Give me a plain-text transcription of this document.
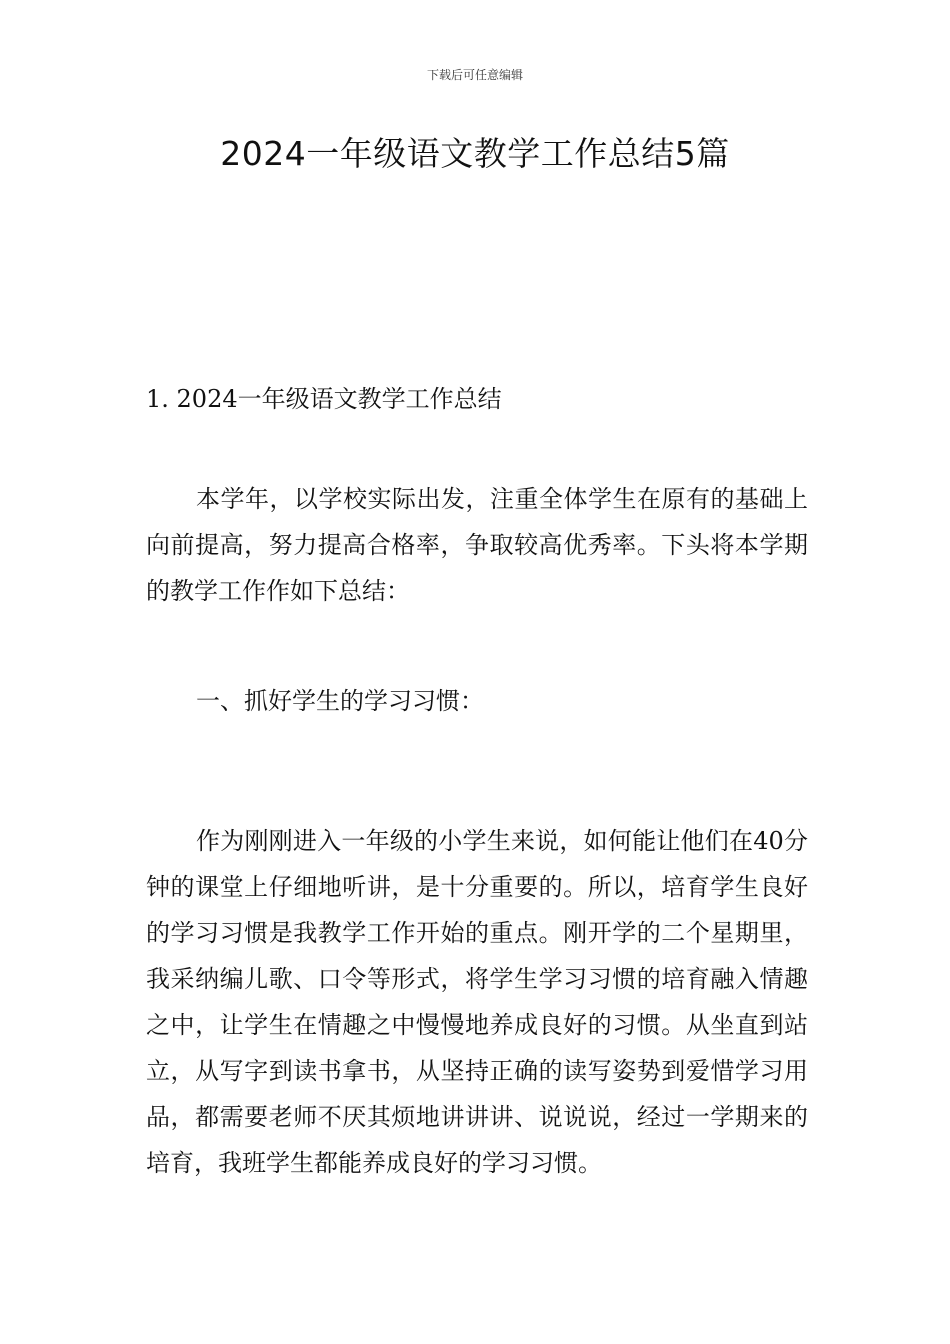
下载后可任意编辑
2024一年级语文教学工作总结5篇
1. 2024一年级语文教学工作总结

本学年，以学校实际出发，注重全体学生在原有的基础上向前提高，努力提高合格率，争取较高优秀率。下头将本学期的教学工作作如下总结：

一、抓好学生的学习习惯：

作为刚刚进入一年级的小学生来说，如何能让他们在40分钟的课堂上仔细地听讲，是十分重要的。所以，培育学生良好的学习习惯是我教学工作开始的重点。刚开学的二个星期里，我采纳编儿歌、口令等形式，将学生学习习惯的培育融入情趣之中，让学生在情趣之中慢慢地养成良好的习惯。从坐直到站立，从写字到读书拿书，从坚持正确的读写姿势到爱惜学习用品，都需要老师不厌其烦地讲讲讲、说说说，经过一学期来的培育，我班学生都能养成良好的学习习惯。
